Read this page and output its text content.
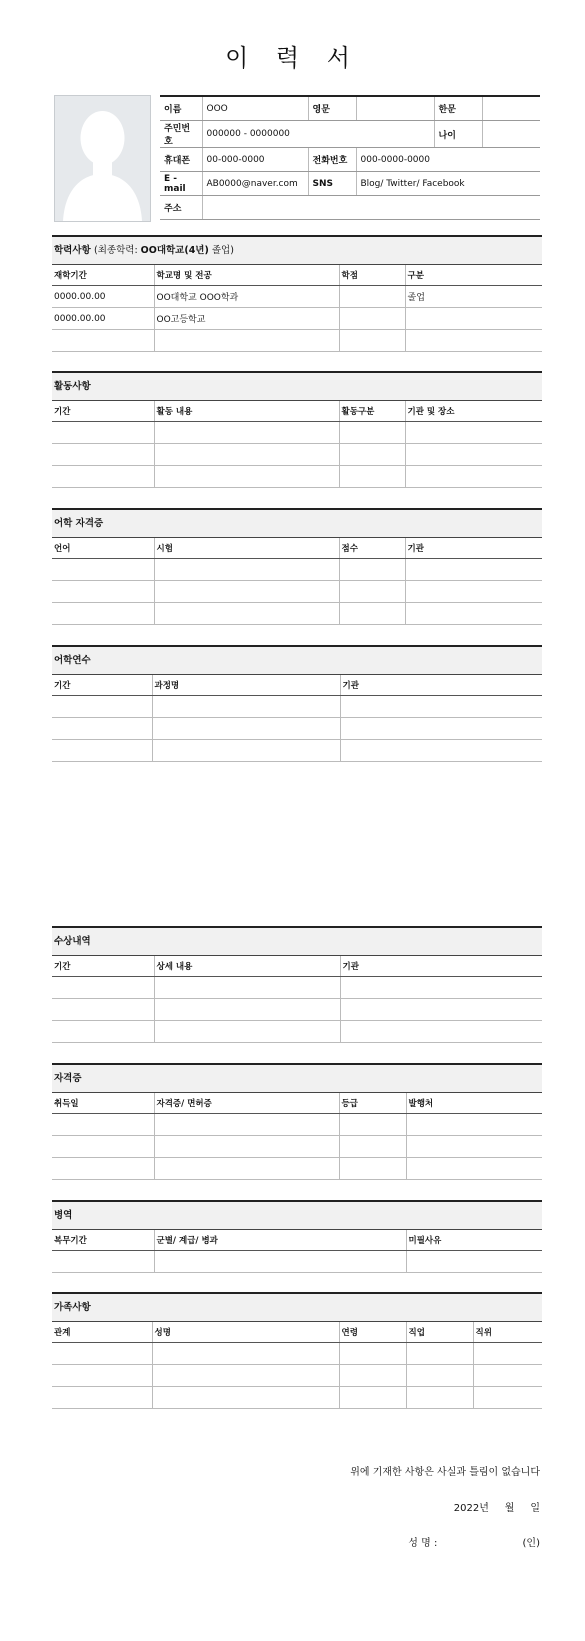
이 력 서
이름	OOO	영문		한문	
주민번호	000000 - 0000000			나이	
휴대폰	00-000-0000	전화번호	000-0000-0000		
E - mail	AB0000@naver.com	SNS	Blog/ Twitter/ Facebook		
주소					
학력사항 (최종학력: OO대학교(4년) 졸업)
재학기간	학교명 및 전공	학점	구분
0000.00.00	OO대학교 OOO학과		졸업
0000.00.00	OO고등학교		

활동사항
기간	활동 내용	활동구분	기관 및 장소

어학 자격증
언어	시험	점수	기관

어학연수
기간	과정명	기관

수상내역
기간	상세 내용	기관

자격증
취득일	자격증/ 면허증	등급	발행처

병역
복무기간	군별/ 계급/ 병과	미필사유

가족사항
관계	성명	연령	직업	직위

위에 기재한 사항은 사실과 틀림이 없습니다
2022년     월     일
성 명 :	(인)
